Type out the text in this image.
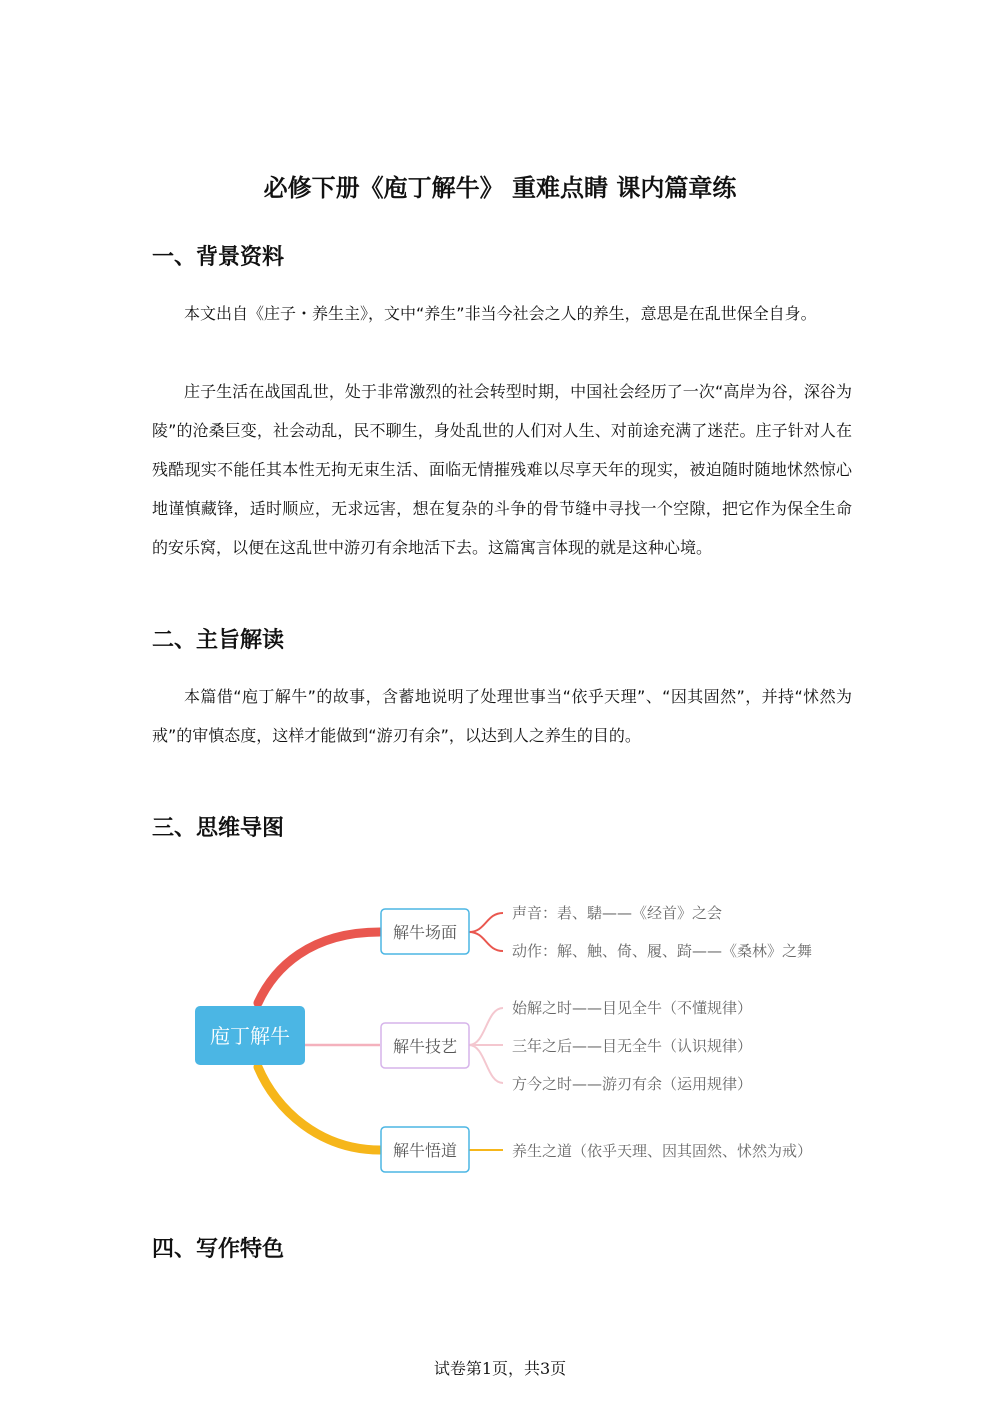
必修下册《庖丁解牛》 重难点睛 课内篇章练
一、背景资料

本文出自《庄子・养生主》，文中“养生”非当今社会之人的养生，意思是在乱世保全自身。

庄子生活在战国乱世，处于非常激烈的社会转型时期，中国社会经历了一次“高岸为谷，深谷为陵”的沧桑巨变，社会动乱，民不聊生，身处乱世的人们对人生、对前途充满了迷茫。庄子针对人在残酷现实不能任其本性无拘无束生活、面临无情摧残难以尽享天年的现实，被迫随时随地怵然惊心地谨慎藏锋，适时顺应，无求远害，想在复杂的斗争的骨节缝中寻找一个空隙，把它作为保全生命的安乐窝，以便在这乱世中游刃有余地活下去。这篇寓言体现的就是这种心境。

二、主旨解读

本篇借“庖丁解牛”的故事，含蓄地说明了处理世事当“依乎天理”、“因其固然”，并持“怵然为戒”的审慎态度，这样才能做到“游刃有余”，以达到人之养生的目的。

三、思维导图
庖丁解牛
解牛场面
解牛技艺
解牛悟道
声音：砉、騞——《经首》之会
动作：解、触、倚、履、踦——《桑林》之舞
始解之时——目见全牛（不懂规律）
三年之后——目无全牛（认识规律）
方今之时——游刃有余（运用规律）
养生之道（依乎天理、因其固然、怵然为戒）
四、写作特色

试卷第1页，共3页
